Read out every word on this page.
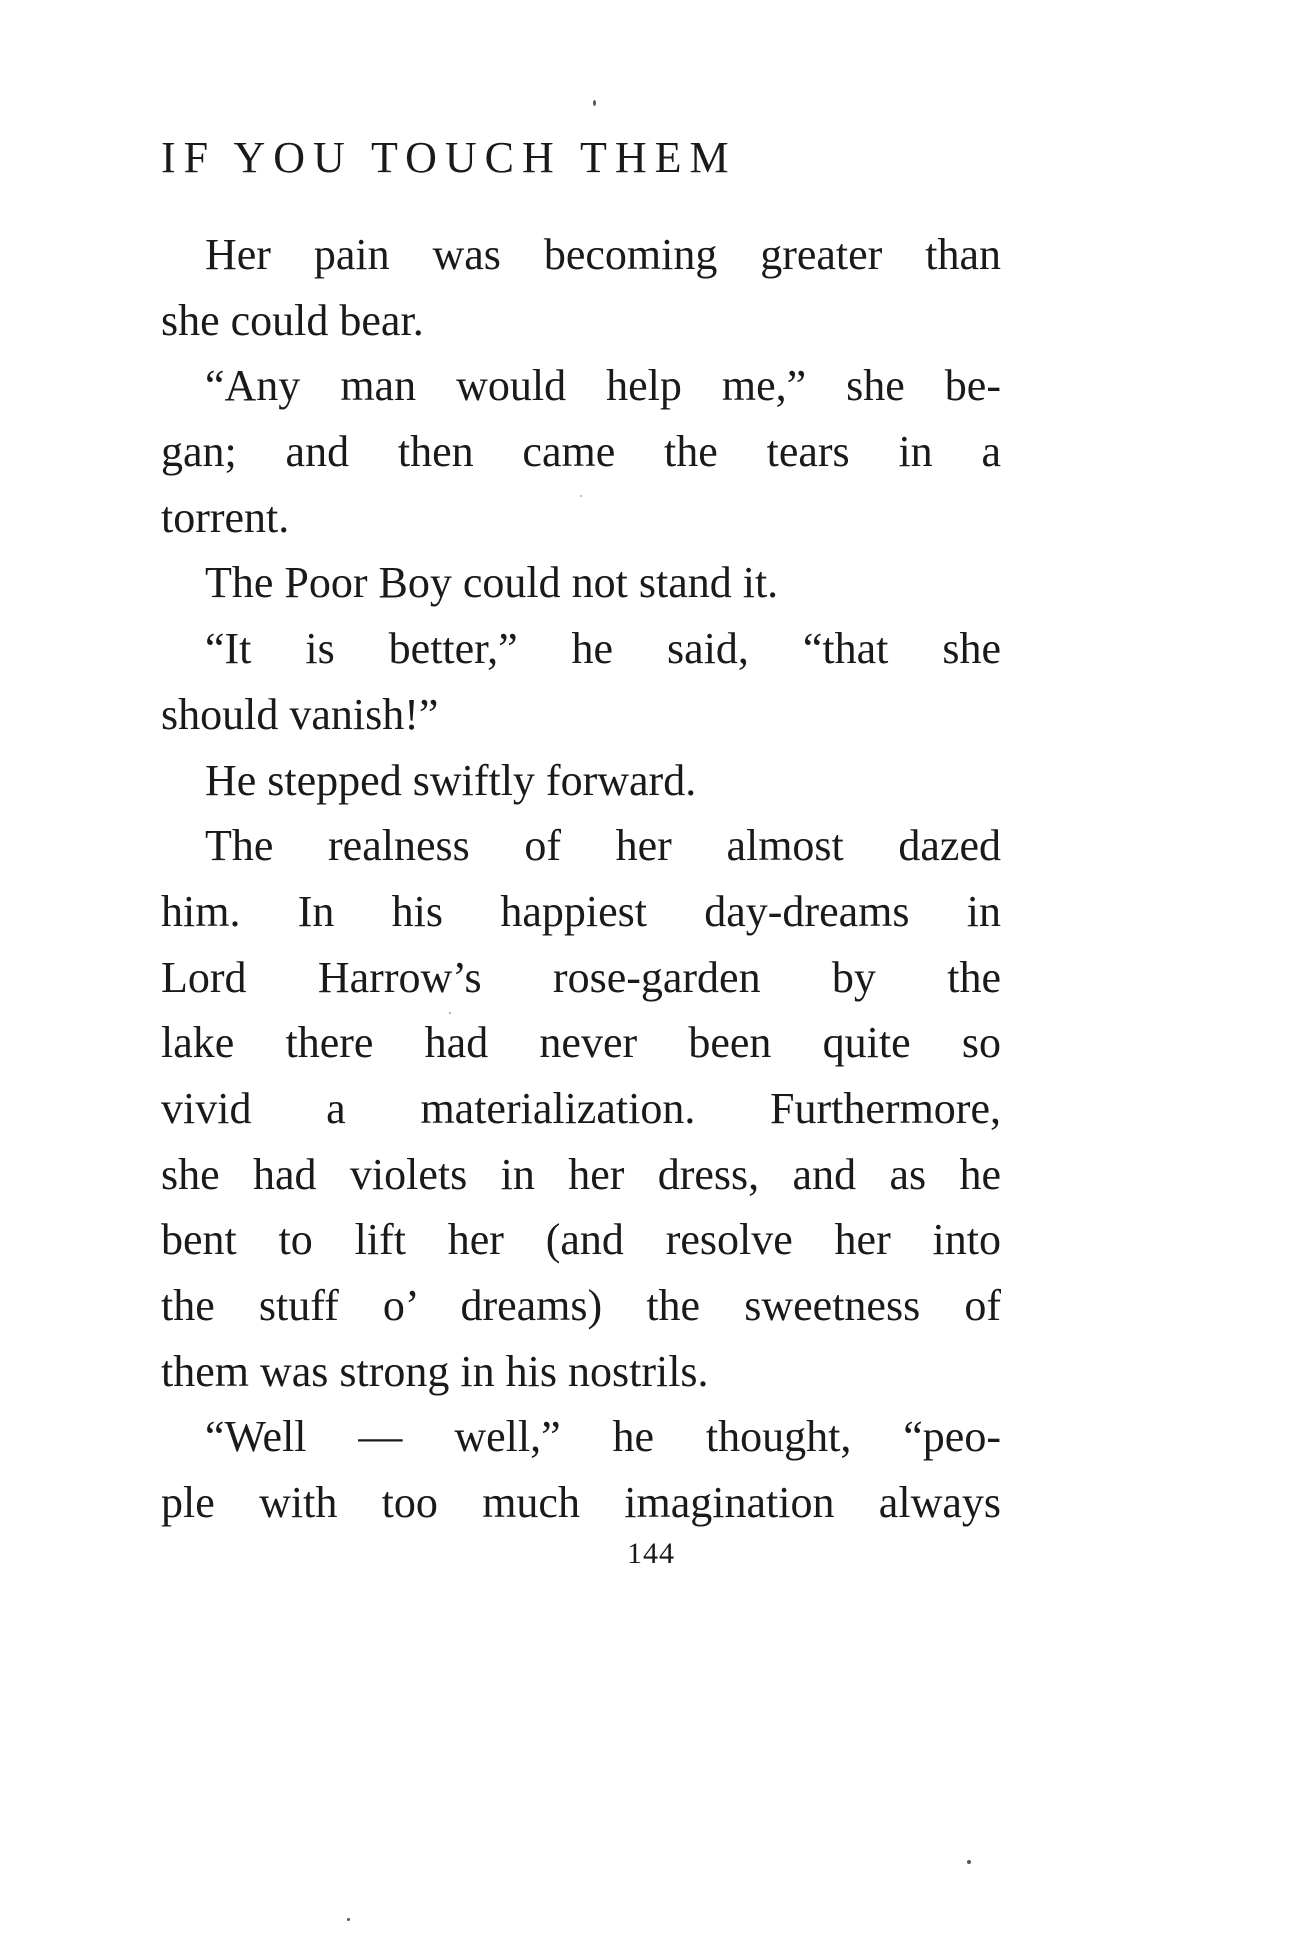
IF YOU TOUCH THEM
Her pain was becoming greater than
she could bear.
“Any man would help me,” she be-
gan; and then came the tears in a
torrent.
The Poor Boy could not stand it.
“It is better,” he said, “that she
should vanish!”
He stepped swiftly forward.
The realness of her almost dazed
him. In his happiest day-dreams in
Lord Harrow’s rose-garden by the
lake there had never been quite so
vivid a materialization. Furthermore,
she had violets in her dress, and as he
bent to lift her (and resolve her into
the stuff o’ dreams) the sweetness of
them was strong in his nostrils.
“Well — well,” he thought, “peo-
ple with too much imagination always
144
